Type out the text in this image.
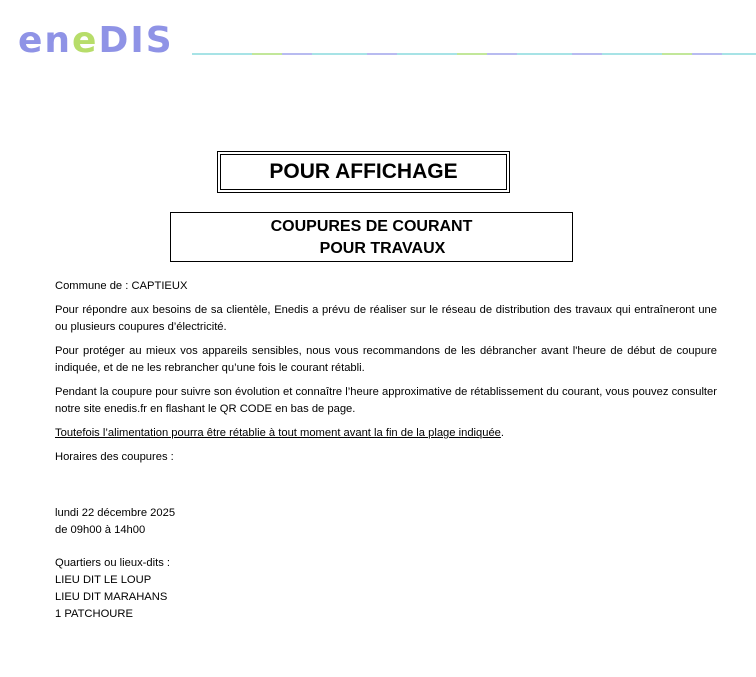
eneDIS
POUR AFFICHAGE
COUPURES DE COURANT
POUR TRAVAUX

Commune de : CAPTIEUX

Pour répondre aux besoins de sa clientèle, Enedis a prévu de réaliser sur le réseau de distribution des travaux qui entraîneront une ou plusieurs coupures d’électricité.

Pour protéger au mieux vos appareils sensibles, nous vous recommandons de les débrancher avant l'heure de début de coupure indiquée, et de ne les rebrancher qu’une fois le courant rétabli.

Pendant la coupure pour suivre son évolution et connaître l’heure approximative de rétablissement du courant, vous pouvez consulter notre site enedis.fr en flashant le QR CODE en bas de page.

Toutefois l’alimentation pourra être rétablie à tout moment avant la fin de la plage indiquée.

Horaires des coupures :

lundi 22 décembre 2025
de 09h00 à 14h00
Quartiers ou lieux-dits :
LIEU DIT LE LOUP
LIEU DIT MARAHANS
1 PATCHOURE
